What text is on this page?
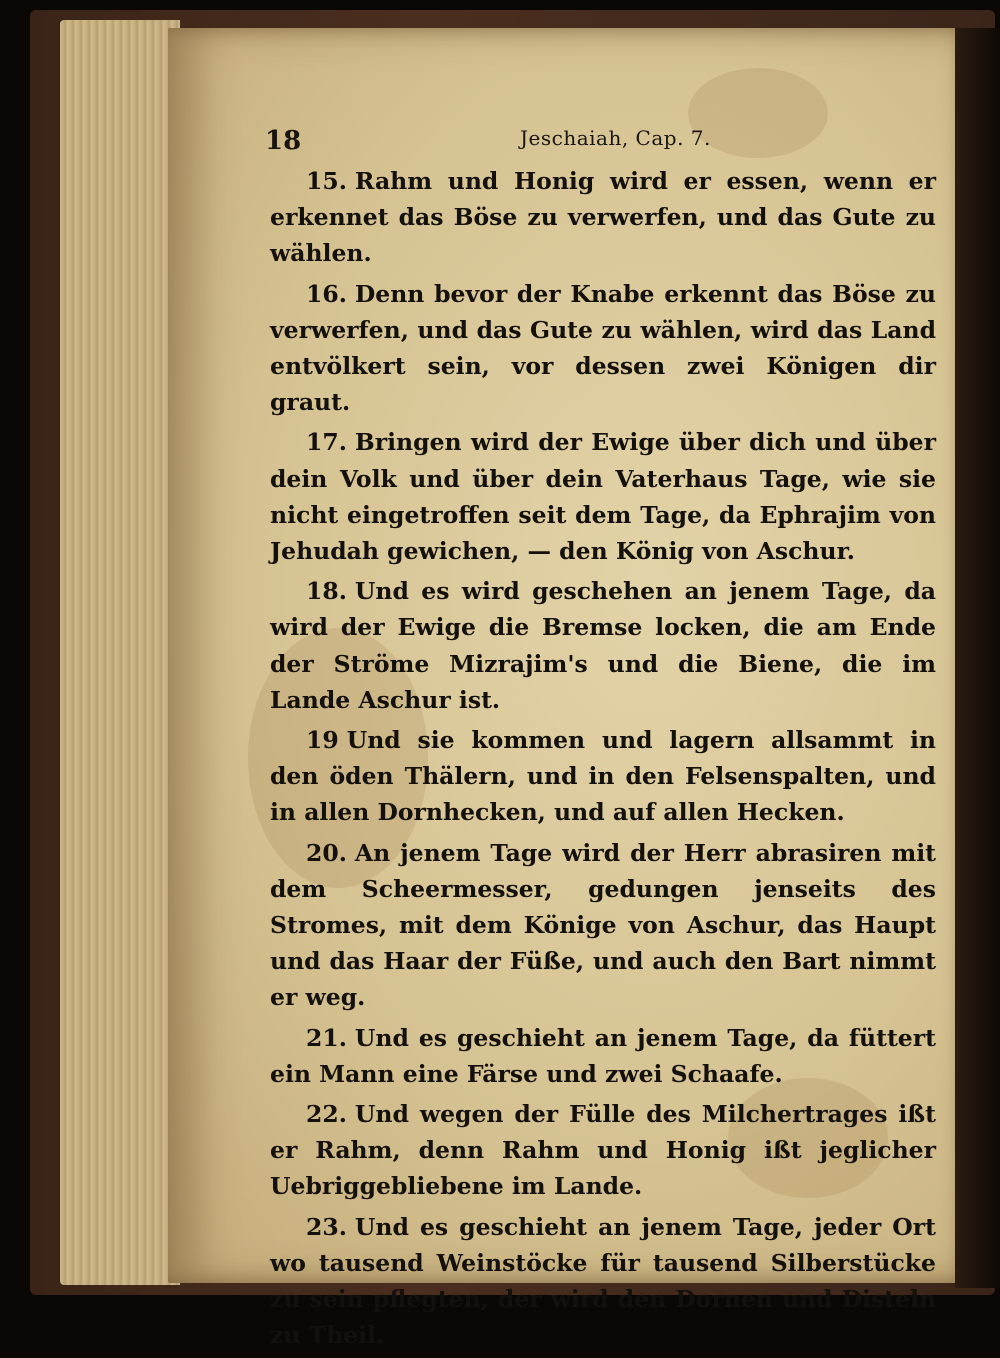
18	Jeschaiah, Cap. 7.

15. Rahm und Honig wird er essen, wenn er erkennet das Böse zu verwerfen, und das Gute zu wählen.

16. Denn bevor der Knabe erkennt das Böse zu verwerfen, und das Gute zu wählen, wird das Land entvölkert sein, vor dessen zwei Königen dir graut.

17. Bringen wird der Ewige über dich und über dein Volk und über dein Vaterhaus Tage, wie sie nicht eingetroffen seit dem Tage, da Ephrajim von Jehudah gewichen, — den König von Aschur.

18. Und es wird geschehen an jenem Tage, da wird der Ewige die Bremse locken, die am Ende der Ströme Mizrajim's und die Biene, die im Lande Aschur ist.

19 Und sie kommen und lagern allsammt in den öden Thälern, und in den Felsenspalten, und in allen Dornhecken, und auf allen Hecken.

20. An jenem Tage wird der Herr abrasiren mit dem Scheermesser, gedungen jenseits des Stromes, mit dem Könige von Aschur, das Haupt und das Haar der Füße, und auch den Bart nimmt er weg.

21. Und es geschieht an jenem Tage, da füttert ein Mann eine Färse und zwei Schaafe.

22. Und wegen der Fülle des Milchertrages ißt er Rahm, denn Rahm und Honig ißt jeglicher Uebriggebliebene im Lande.

23. Und es geschieht an jenem Tage, jeder Ort wo tausend Weinstöcke für tausend Silberstücke zu sein pflegten, der wird den Dornen und Disteln zu Theil.
